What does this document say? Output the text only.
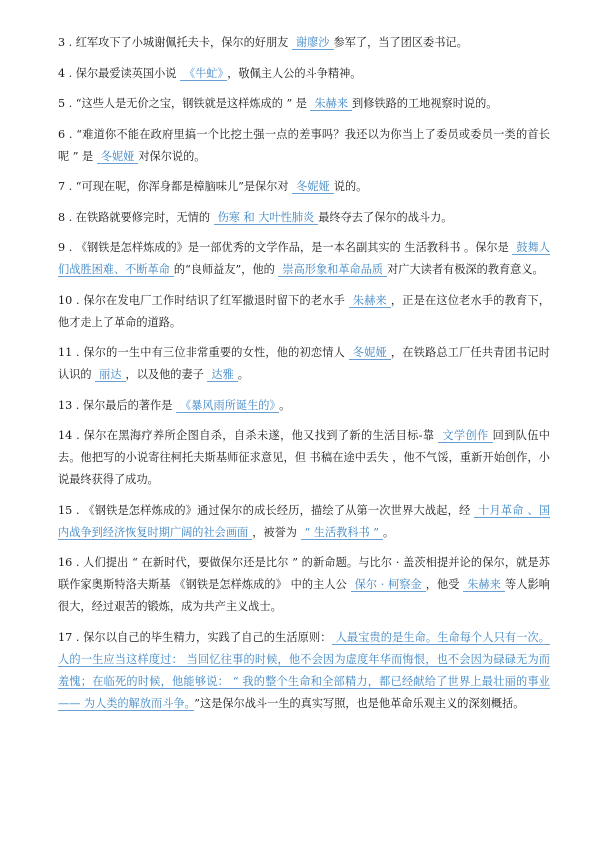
3 . 红军攻下了小城谢佩托夫卡，保尔的好朋友 谢廖沙 参军了，当了团区委书记。

4 . 保尔最爱读英国小说 《牛虻》 ，敬佩主人公的斗争精神。

5 . “这些人是无价之宝，钢铁就是这样炼成的 ” 是 朱赫来 到修铁路的工地视察时说的。

6 . “难道你不能在政府里搞一个比挖土强一点的差事吗？我还以为你当上了委员或委员一类的首长呢 ” 是 冬妮娅 对保尔说的。

7 . “可现在呢，你浑身都是樟脑味儿”是保尔对 冬妮娅 说的。

8 . 在铁路就要修完时，无情的 伤寒 和 大叶性肺炎 最终夺去了保尔的战斗力。

9 . 《钢铁是怎样炼成的》是一部优秀的文学作品，是一本名副其实的 生活教科书 。保尔是 鼓舞人们战胜困难、不断革命 的“良师益友”，他的 崇高形象和革命品质 对广大读者有极深的教育意义。

10 . 保尔在发电厂工作时结识了红军撤退时留下的老水手 朱赫来 ，正是在这位老水手的教育下，他才走上了革命的道路。

11 . 保尔的一生中有三位非常重要的女性，他的初恋情人 冬妮娅 ，在铁路总工厂任共青团书记时认识的 丽达 ，以及他的妻子 达雅 。

13 . 保尔最后的著作是 《暴风雨所诞生的》 。

14 . 保尔在黑海疗养所企图自杀，自杀未遂，他又找到了新的生活目标-靠 文学创作 回到队伍中去。他把写的小说寄往柯托夫斯基师征求意见，但 书稿在途中丢失 ，他不气馁，重新开始创作，小说最终获得了成功。

15 . 《钢铁是怎样炼成的》通过保尔的成长经历，描绘了从第一次世界大战起，经 十月革命 、国内战争到经济恢复时期广阔的社会画面 ，被誉为 “ 生活教科书 ” 。

16 . 人们提出 “ 在新时代，要做保尔还是比尔 ” 的新命题。与比尔 · 盖茨相提并论的保尔，就是苏联作家奥斯特洛夫斯基 《钢铁是怎样炼成的》 中的主人公 保尔 · 柯察金 ，他受 朱赫来 等人影响很大，经过艰苦的锻炼，成为共产主义战士。

17 . 保尔以自己的毕生精力，实践了自己的生活原则： 人最宝贵的是生命。生命每个人只有一次。人的一生应当这样度过： 当回忆往事的时候，他不会因为虚度年华而悔恨，也不会因为碌碌无为而羞愧；在临死的时候，他能够说： “ 我的整个生命和全部精力，都已经献给了世界上最壮丽的事业 —— 为人类的解放而斗争。 ”这是保尔战斗一生的真实写照，也是他革命乐观主义的深刻概括。
